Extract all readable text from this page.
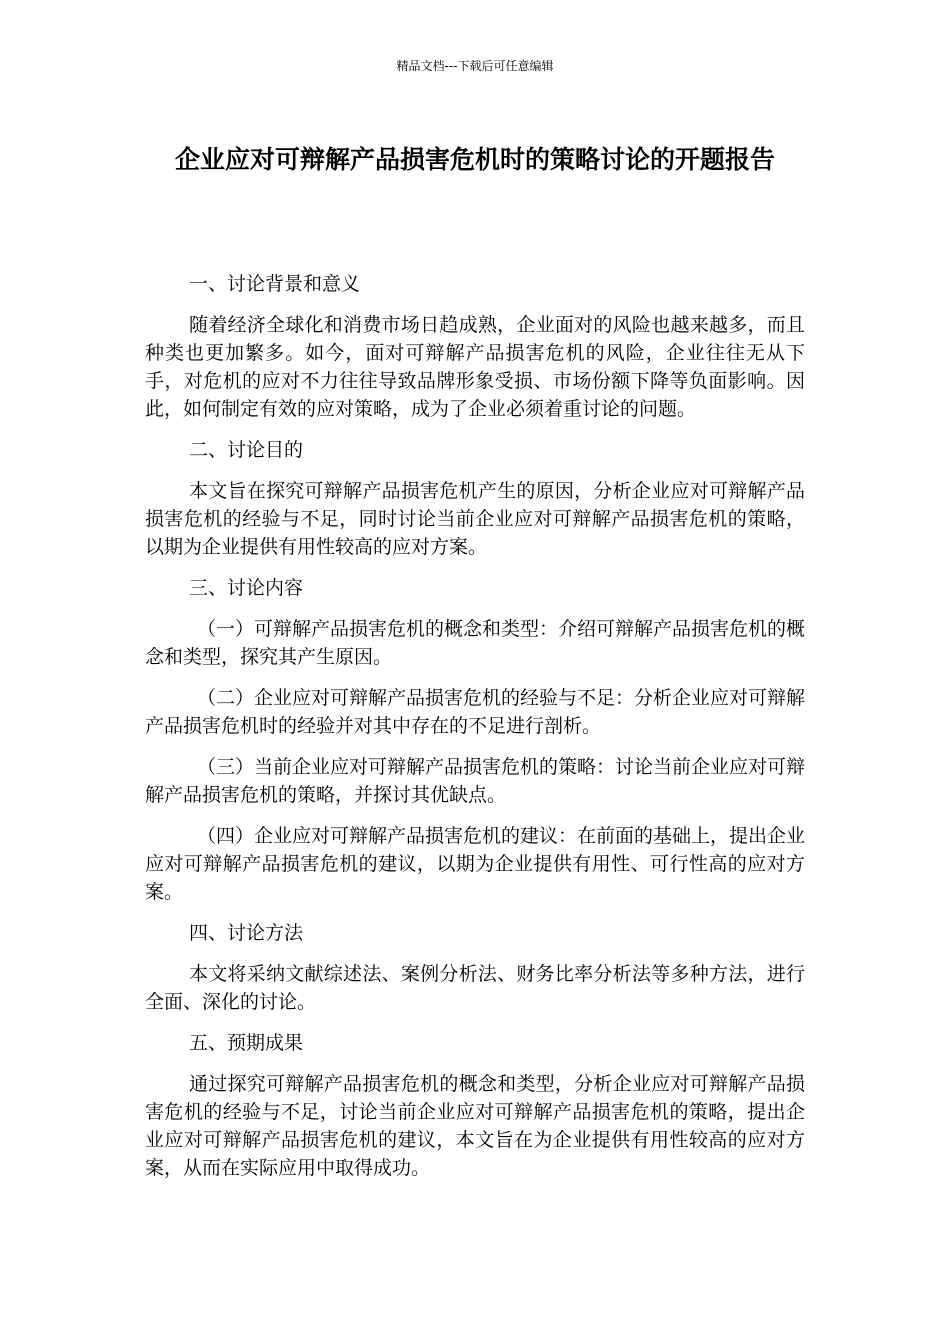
精品文档---下载后可任意编辑
企业应对可辩解产品损害危机时的策略讨论的开题报告

一、讨论背景和意义

随着经济全球化和消费市场日趋成熟，企业面对的风险也越来越多，而且种类也更加繁多。如今，面对可辩解产品损害危机的风险，企业往往无从下手，对危机的应对不力往往导致品牌形象受损、市场份额下降等负面影响。因此，如何制定有效的应对策略，成为了企业必须着重讨论的问题。

二、讨论目的

本文旨在探究可辩解产品损害危机产生的原因，分析企业应对可辩解产品损害危机的经验与不足，同时讨论当前企业应对可辩解产品损害危机的策略，以期为企业提供有用性较高的应对方案。

三、讨论内容

（一）可辩解产品损害危机的概念和类型：介绍可辩解产品损害危机的概念和类型，探究其产生原因。

（二）企业应对可辩解产品损害危机的经验与不足：分析企业应对可辩解产品损害危机时的经验并对其中存在的不足进行剖析。

（三）当前企业应对可辩解产品损害危机的策略：讨论当前企业应对可辩解产品损害危机的策略，并探讨其优缺点。

（四）企业应对可辩解产品损害危机的建议：在前面的基础上，提出企业应对可辩解产品损害危机的建议，以期为企业提供有用性、可行性高的应对方案。

四、讨论方法

本文将采纳文献综述法、案例分析法、财务比率分析法等多种方法，进行全面、深化的讨论。

五、预期成果

通过探究可辩解产品损害危机的概念和类型，分析企业应对可辩解产品损害危机的经验与不足，讨论当前企业应对可辩解产品损害危机的策略，提出企业应对可辩解产品损害危机的建议，本文旨在为企业提供有用性较高的应对方案，从而在实际应用中取得成功。
